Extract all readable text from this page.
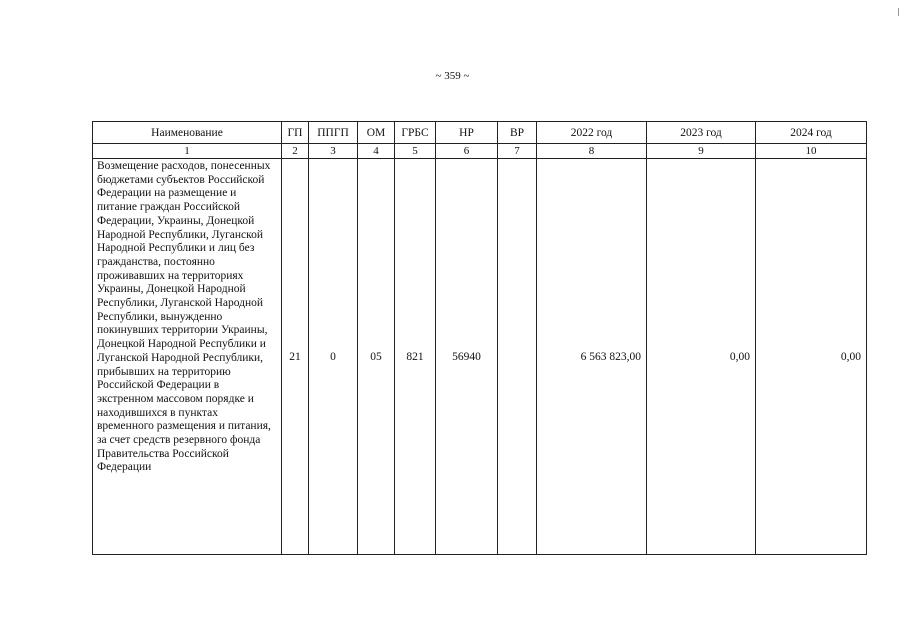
~ 359 ~
Наименование	ГП	ППГП	ОМ	ГРБС	НР	ВР	2022 год	2023 год	2024 год
1	2	3	4	5	6	7	8	9	10
Возмещение расходов, понесенных бюджетами субъектов Российской Федерации на размещение и питание граждан Российской Федерации, Украины, Донецкой Народной Республики, Луганской Народной Республики и лиц без гражданства, постоянно проживавших на территориях Украины, Донецкой Народной Республики, Луганской Народной Республики, вынужденно покинувших территории Украины, Донецкой Народной Республики и Луганской Народной Республики, прибывших на территорию Российской Федерации в экстренном массовом порядке и находившихся в пунктах временного размещения и питания, за счет средств резервного фонда Правительства Российской Федерации	21	0	05	821	56940		6 563 823,00	0,00	0,00
